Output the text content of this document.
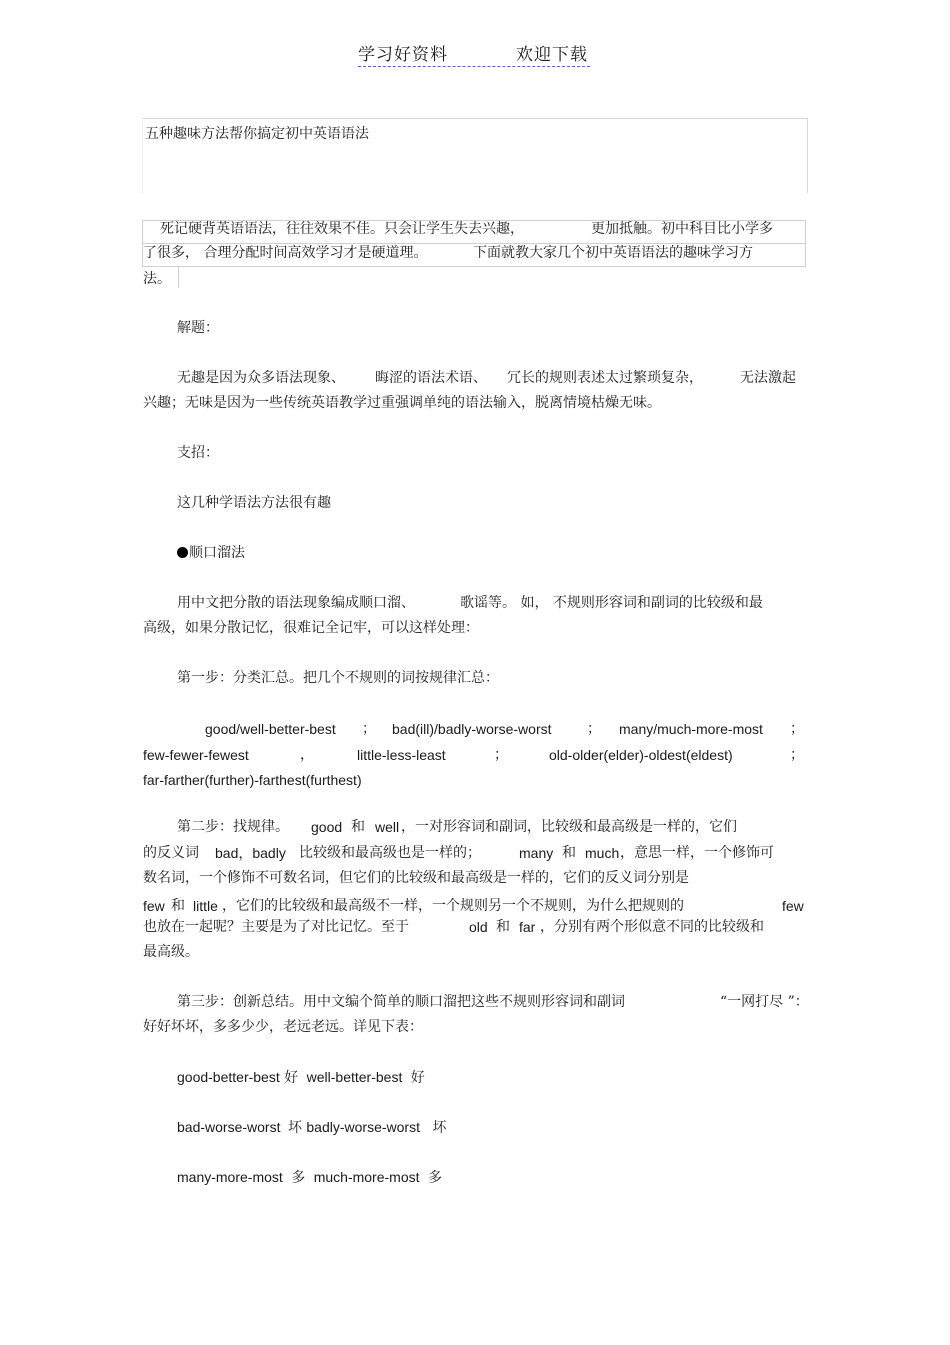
学习好资料	欢迎下载
五种趣味方法帮你搞定初中英语语法
死记硬背英语语法，往往效果不佳。只会让学生失去兴趣，	更加抵触。初中科目比小学多
了很多， 合理分配时间高效学习才是硬道理。	下面就教大家几个初中英语语法的趣味学习方
法。
解题：
无趣是因为众多语法现象、 晦涩的语法术语、 冗长的规则表述太过繁琐复杂，	无法激起
兴趣；无味是因为一些传统英语教学过重强调单纯的语法输入，脱离情境枯燥无味。
支招：
这几种学语法方法很有趣
顺口溜法
用中文把分散的语法现象编成顺口溜、	歌谣等。 如， 不规则形容词和副词的比较级和最
高级，如果分散记忆，很难记全记牢，可以这样处理：
第一步：分类汇总。把几个不规则的词按规律汇总：
good/well-better-best ； bad(ill)/badly-worse-worst	； many/much-more-most ；
few-fewer-fewest	，	little-less-least	；	old-older(elder)-oldest(eldest)	；
far-farther(further)-farthest(furthest)
第二步：找规律。 good 和 well ，一对形容词和副词，比较级和最高级是一样的，它们
的反义词 bad，badly 比较级和最高级也是一样的；	many 和 much ，意思一样，一个修饰可
数名词，一个修饰不可数名词，但它们的比较级和最高级是一样的，它们的反义词分别是
few 和 little ，它们的比较级和最高级不一样，一个规则另一个不规则，为什么把规则的	few
也放在一起呢？主要是为了对比记忆。至于	old 和 far ，分别有两个形似意不同的比较级和
最高级。
第三步：创新总结。用中文编个简单的顺口溜把这些不规则形容词和副词	“一网打尽 ”：
好好坏坏，多多少少，老远老远。详见下表：
good-better-best 好 well-better-best 好
bad-worse-worst 坏 badly-worse-worst 坏
many-more-most 多 much-more-most 多
